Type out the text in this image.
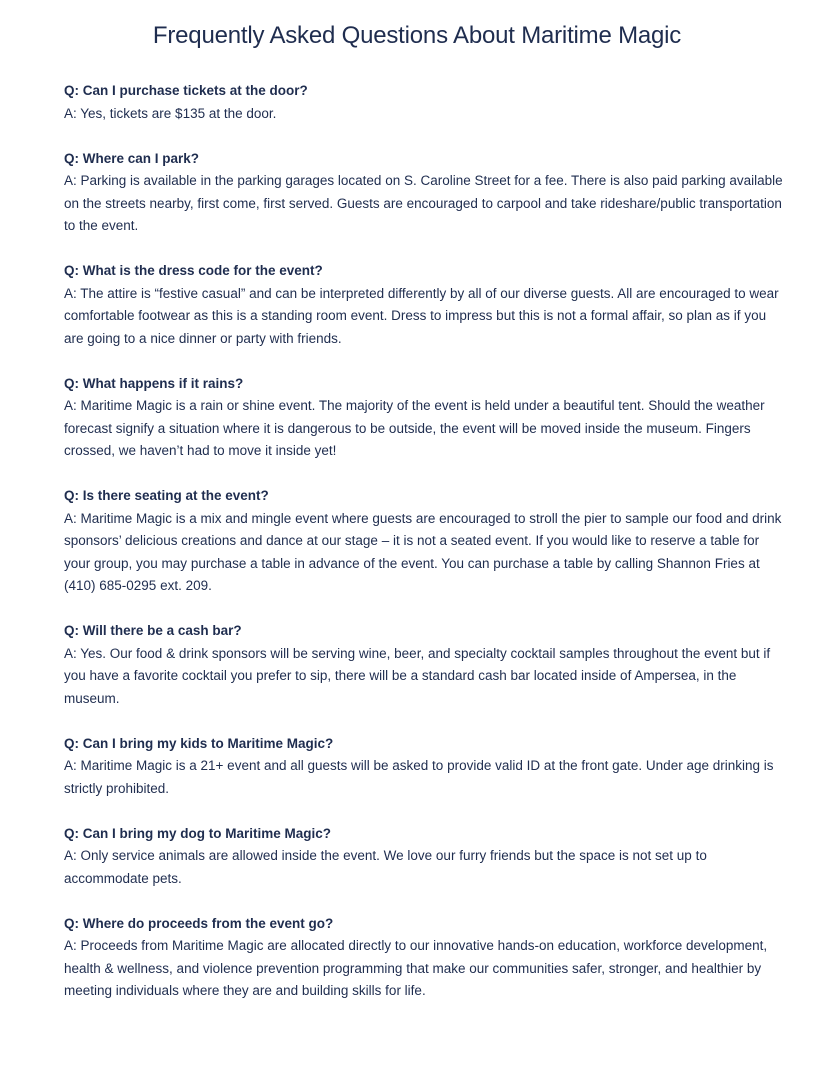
Frequently Asked Questions About Maritime Magic

Q: Can I purchase tickets at the door?

A: Yes, tickets are $135 at the door.

Q: Where can I park?

A: Parking is available in the parking garages located on S. Caroline Street for a fee. There is also paid parking available on the streets nearby, first come, first served. Guests are encouraged to carpool and take rideshare/public transportation to the event.

Q: What is the dress code for the event?

A: The attire is “festive casual” and can be interpreted differently by all of our diverse guests. All are encouraged to wear comfortable footwear as this is a standing room event. Dress to impress but this is not a formal affair, so plan as if you are going to a nice dinner or party with friends.

Q: What happens if it rains?

A: Maritime Magic is a rain or shine event. The majority of the event is held under a beautiful tent. Should the weather forecast signify a situation where it is dangerous to be outside, the event will be moved inside the museum. Fingers crossed, we haven’t had to move it inside yet!

Q: Is there seating at the event?

A: Maritime Magic is a mix and mingle event where guests are encouraged to stroll the pier to sample our food and drink sponsors’ delicious creations and dance at our stage – it is not a seated event. If you would like to reserve a table for your group, you may purchase a table in advance of the event. You can purchase a table by calling Shannon Fries at (410) 685-0295 ext. 209.

Q: Will there be a cash bar?

A: Yes. Our food & drink sponsors will be serving wine, beer, and specialty cocktail samples throughout the event but if you have a favorite cocktail you prefer to sip, there will be a standard cash bar located inside of Ampersea, in the museum.

Q: Can I bring my kids to Maritime Magic?

A: Maritime Magic is a 21+ event and all guests will be asked to provide valid ID at the front gate. Under age drinking is strictly prohibited.

Q: Can I bring my dog to Maritime Magic?

A: Only service animals are allowed inside the event. We love our furry friends but the space is not set up to accommodate pets.

Q: Where do proceeds from the event go?

A: Proceeds from Maritime Magic are allocated directly to our innovative hands-on education, workforce development, health & wellness, and violence prevention programming that make our communities safer, stronger, and healthier by meeting individuals where they are and building skills for life.
